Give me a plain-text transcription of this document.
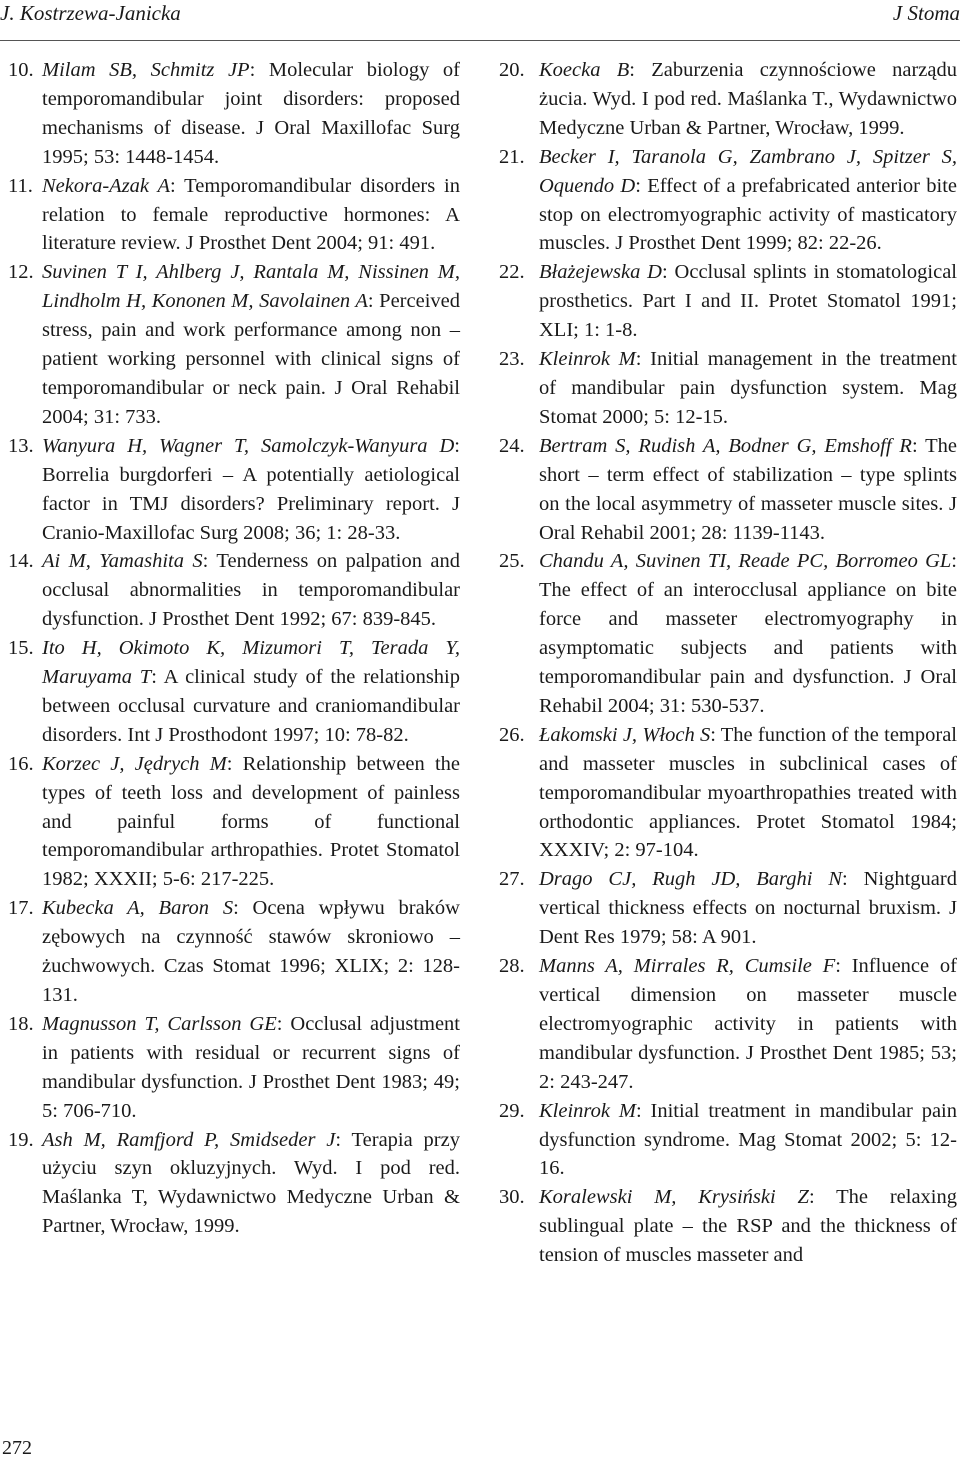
J. Kostrzewa-Janicka	J Stoma
10. Milam SB, Schmitz JP: Molecular biology of temporomandibular joint disorders: proposed mechanisms of disease. J Oral Maxillofac Surg 1995; 53: 1448-1454.
11. Nekora-Azak A: Temporomandibular disorders in relation to female reproductive hormones: A literature review. J Prosthet Dent 2004; 91: 491.
12. Suvinen T I, Ahlberg J, Rantala M, Nissinen M, Lindholm H, Kononen M, Savolainen A: Perceived stress, pain and work performance among non – patient working personnel with clinical signs of temporomandibular or neck pain. J Oral Rehabil 2004; 31: 733.
13. Wanyura H, Wagner T, Samolczyk-Wanyura D: Borrelia burgdorferi – A potentially aetiological factor in TMJ disorders? Preliminary report. J Cranio-Maxillofac Surg 2008; 36; 1: 28-33.
14. Ai M, Yamashita S: Tenderness on palpation and occlusal abnormalities in temporomandibular dysfunction. J Prosthet Dent 1992; 67: 839-845.
15. Ito H, Okimoto K, Mizumori T, Terada Y, Maruyama T: A clinical study of the relationship between occlusal curvature and craniomandibular disorders. Int J Prosthodont 1997; 10: 78-82.
16. Korzec J, Jędrych M: Relationship between the types of teeth loss and development of painless and painful forms of functional temporomandibular arthropathies. Protet Stomatol 1982; XXXII; 5-6: 217-225.
17. Kubecka A, Baron S: Ocena wpływu braków zębowych na czynność stawów skroniowo – żuchwowych. Czas Stomat 1996; XLIX; 2: 128-131.
18. Magnusson T, Carlsson GE: Occlusal adjustment in patients with residual or recurrent signs of mandibular dysfunction. J Prosthet Dent 1983; 49; 5: 706-710.
19. Ash M, Ramfjord P, Smidseder J: Terapia przy użyciu szyn okluzyjnych. Wyd. I pod red. Maślanka T, Wydawnictwo Medyczne Urban & Partner, Wrocław, 1999.
20. Koecka B: Zaburzenia czynnościowe narządu żucia. Wyd. I pod red. Maślanka T., Wydawnictwo Medyczne Urban & Partner, Wrocław, 1999.
21. Becker I, Taranola G, Zambrano J, Spitzer S, Oquendo D: Effect of a prefabricated anterior bite stop on electromyographic activity of masticatory muscles. J Prosthet Dent 1999; 82: 22-26.
22. Błażejewska D: Occlusal splints in stomatological prosthetics. Part I and II. Protet Stomatol 1991; XLI; 1: 1-8.
23. Kleinrok M: Initial management in the treatment of mandibular pain dysfunction system. Mag Stomat 2000; 5: 12-15.
24. Bertram S, Rudish A, Bodner G, Emshoff R: The short – term effect of stabilization – type splints on the local asymmetry of masseter muscle sites. J Oral Rehabil 2001; 28: 1139-1143.
25. Chandu A, Suvinen TI, Reade PC, Borromeo GL: The effect of an interocclusal appliance on bite force and masseter electromyography in asymptomatic subjects and patients with temporomandibular pain and dysfunction. J Oral Rehabil 2004; 31: 530-537.
26. Łakomski J, Włoch S: The function of the temporal and masseter muscles in subclinical cases of temporomandibular myoarthropathies treated with orthodontic appliances. Protet Stomatol 1984; XXXIV; 2: 97-104.
27. Drago CJ, Rugh JD, Barghi N: Nightguard vertical thickness effects on nocturnal bruxism. J Dent Res 1979; 58: A 901.
28. Manns A, Mirrales R, Cumsile F: Influence of vertical dimension on masseter muscle electromyographic activity in patients with mandibular dysfunction. J Prosthet Dent 1985; 53; 2: 243-247.
29. Kleinrok M: Initial treatment in mandibular pain dysfunction syndrome. Mag Stomat 2002; 5: 12-16.
30. Koralewski M, Krysiński Z: The relaxing sublingual plate – the RSP and the thickness of tension of muscles masseter and
272
